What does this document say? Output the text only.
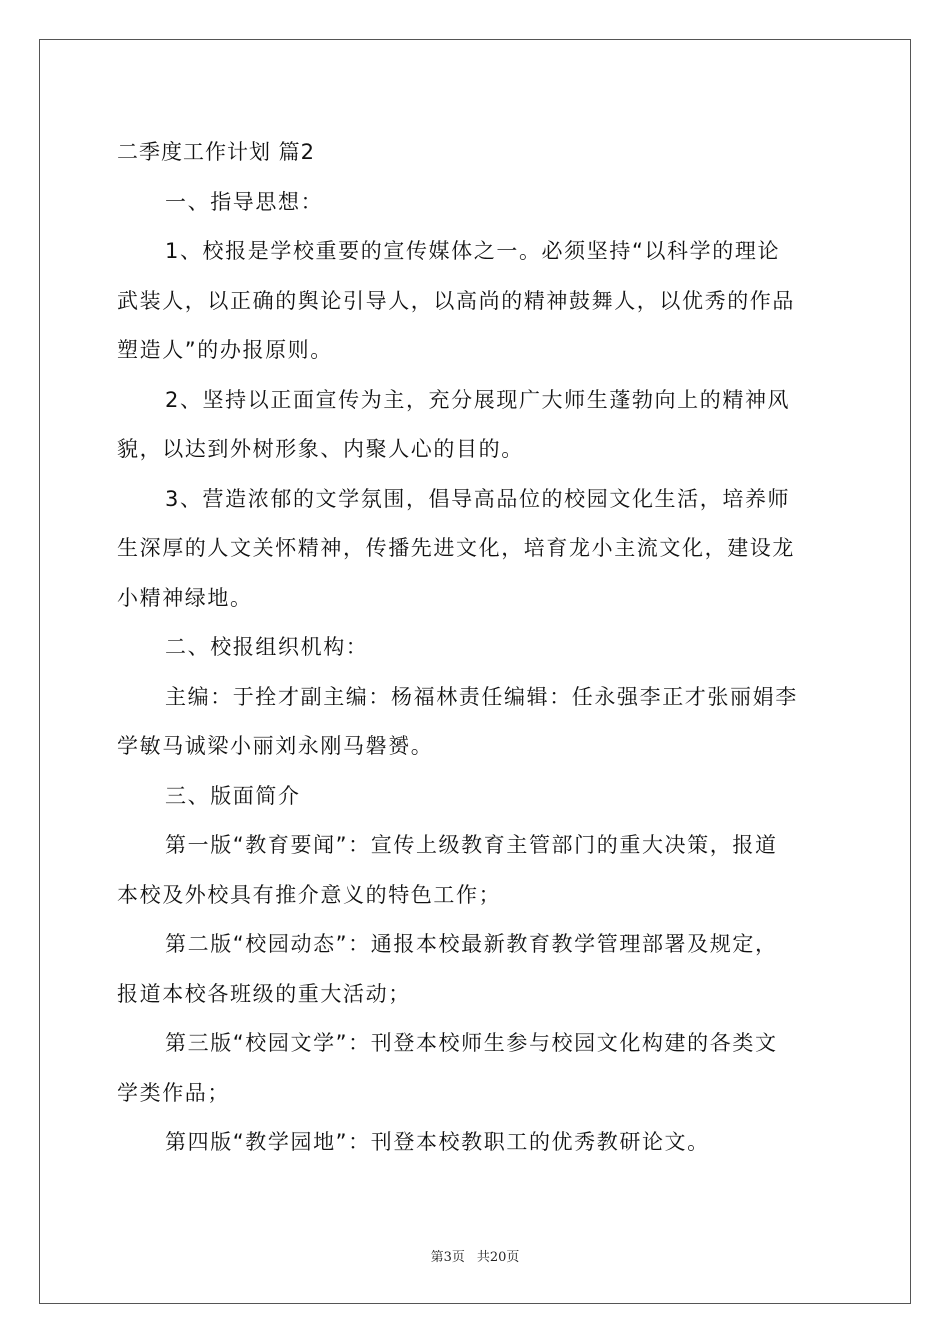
二季度工作计划 篇2

一、指导思想：

1、校报是学校重要的宣传媒体之一。必须坚持“以科学的理论

武装人，以正确的舆论引导人，以高尚的精神鼓舞人，以优秀的作品

塑造人”的办报原则。

2、坚持以正面宣传为主，充分展现广大师生蓬勃向上的精神风

貌，以达到外树形象、内聚人心的目的。

3、营造浓郁的文学氛围，倡导高品位的校园文化生活，培养师

生深厚的人文关怀精神，传播先进文化，培育龙小主流文化，建设龙

小精神绿地。

二、校报组织机构：

主编：于拴才副主编：杨福林责任编辑：任永强李正才张丽娟李

学敏马诚梁小丽刘永刚马磐赟。

三、版面简介

第一版“教育要闻”：宣传上级教育主管部门的重大决策，报道

本校及外校具有推介意义的特色工作；

第二版“校园动态”：通报本校最新教育教学管理部署及规定，

报道本校各班级的重大活动；

第三版“校园文学”：刊登本校师生参与校园文化构建的各类文

学类作品；

第四版“教学园地”：刊登本校教职工的优秀教研论文。

第3页 共20页
